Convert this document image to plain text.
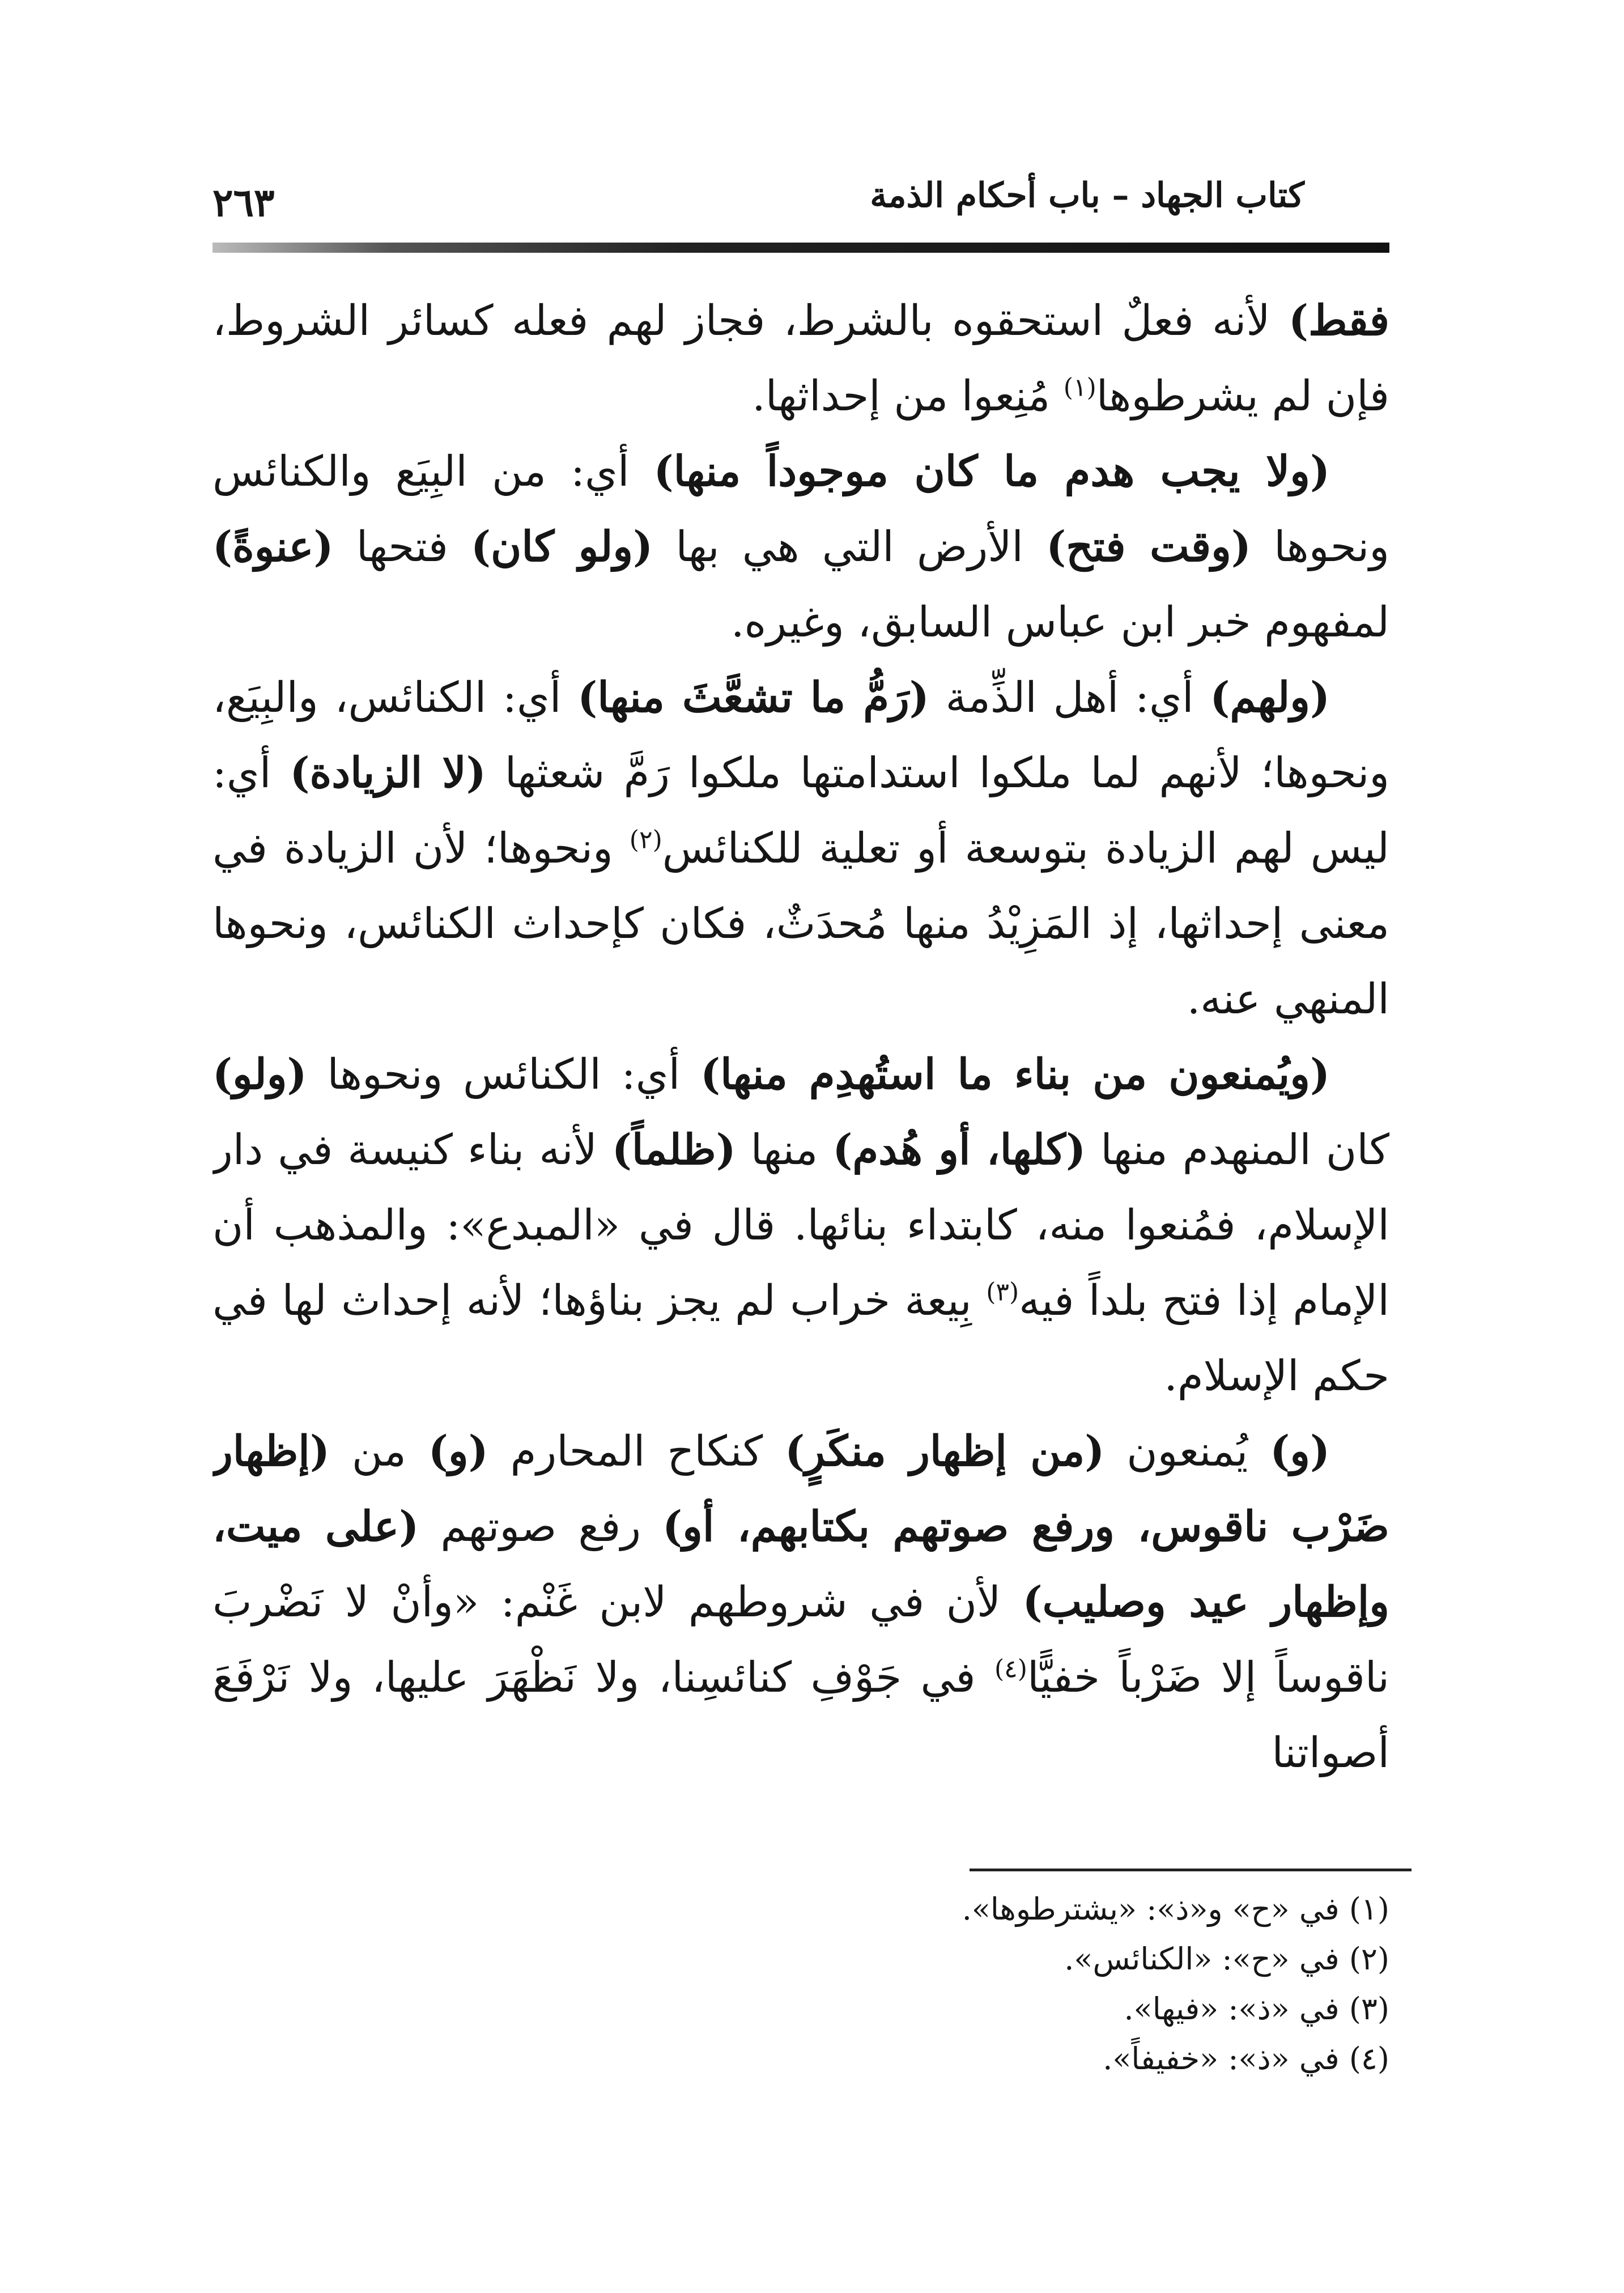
٢٦٣	كتاب الجهاد – باب أحكام الذمة

فقط) لأنه فعلٌ استحقوه بالشرط، فجاز لهم فعله كسائر الشروط، فإن لم يشرطوها$^{(١)}$ مُنِعوا من إحداثها.

(ولا يجب هدم ما كان موجوداً منها) أي: من البِيَع والكنائس ونحوها (وقت فتح) الأرض التي هي بها (ولو كان) فتحها (عنوةً) لمفهوم خبر ابن عباس السابق، وغيره.

(ولهم) أي: أهل الذِّمة (رَمُّ ما تشعَّثَ منها) أي: الكنائس، والبِيَع، ونحوها؛ لأنهم لما ملكوا استدامتها ملكوا رَمَّ شعثها (لا الزيادة) أي: ليس لهم الزيادة بتوسعة أو تعلية للكنائس$^{(٢)}$ ونحوها؛ لأن الزيادة في معنى إحداثها، إذ المَزِيْدُ منها مُحدَثٌ، فكان كإحداث الكنائس، ونحوها المنهي عنه.

(ويُمنعون من بناء ما استُهدِم منها) أي: الكنائس ونحوها (ولو) كان المنهدم منها (كلها، أو هُدم) منها (ظلماً) لأنه بناء كنيسة في دار الإسلام، فمُنعوا منه، كابتداء بنائها. قال في «المبدع»: والمذهب أن الإمام إذا فتح بلداً فيه$^{(٣)}$ بِيعة خراب لم يجز بناؤها؛ لأنه إحداث لها في حكم الإسلام.

(و) يُمنعون (من إظهار منكَرٍ) كنكاح المحارم (و) من (إظهار ضَرْب ناقوس، ورفع صوتهم بكتابهم، أو) رفع صوتهم (على ميت، وإظهار عيد وصليب) لأن في شروطهم لابن غَنْم: «وأنْ لا نَضْربَ ناقوساً إلا ضَرْباً خفيًّا$^{(٤)}$ في جَوْفِ كنائسِنا، ولا نَظْهَرَ عليها، ولا نَرْفَعَ أصواتنا

(١) في «ح» و«ذ»: «يشترطوها».

(٢) في «ح»: «الكنائس».

(٣) في «ذ»: «فيها».

(٤) في «ذ»: «خفيفاً».
